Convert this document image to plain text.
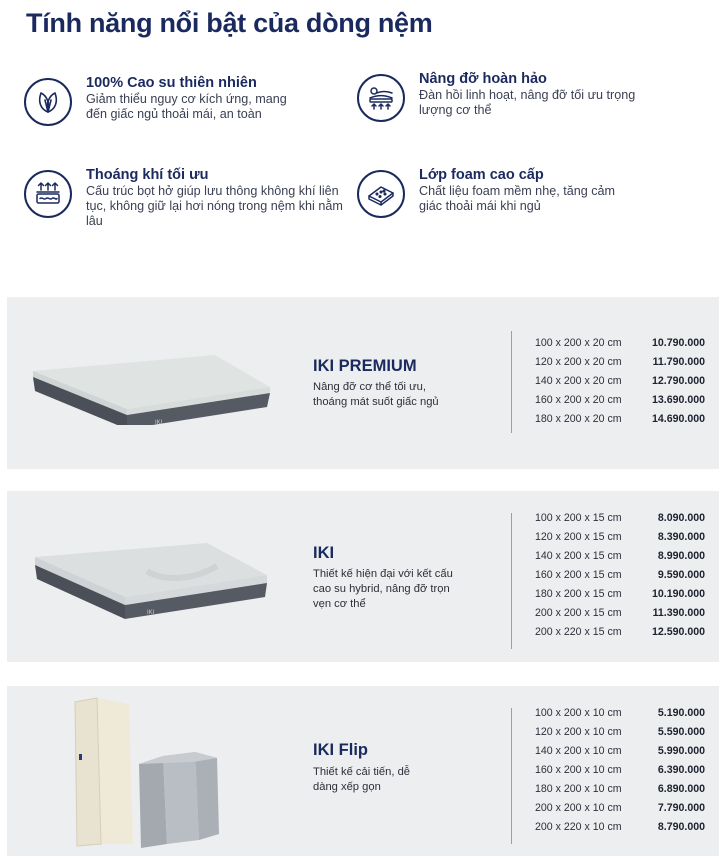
Tính năng nổi bật của dòng nệm
100% Cao su thiên nhiên
Giảm thiểu nguy cơ kích ứng, mang đến giấc ngủ thoải mái, an toàn
Nâng đỡ hoàn hảo
Đàn hồi linh hoạt, nâng đỡ tối ưu trọng lượng cơ thể
Thoáng khí tối ưu
Cấu trúc bọt hở giúp lưu thông không khí liên tục, không giữ lại hơi nóng trong nệm khi nằm lâu
Lớp foam cao cấp
Chất liệu foam mềm nhẹ, tăng cảm giác thoải mái khi ngủ
IKI
IKI PREMIUM
Nâng đỡ cơ thể tối ưu, thoáng mát suốt giấc ngủ
100 x 200 x 20 cm	10.790.000
120 x 200 x 20 cm	11.790.000
140 x 200 x 20 cm	12.790.000
160 x 200 x 20 cm	13.690.000
180 x 200 x 20 cm	14.690.000
IKI
IKI
Thiết kế hiện đại với kết cấu cao su hybrid, nâng đỡ trọn vẹn cơ thể
100 x 200 x 15 cm	8.090.000
120 x 200 x 15 cm	8.390.000
140 x 200 x 15 cm	8.990.000
160 x 200 x 15 cm	9.590.000
180 x 200 x 15 cm	10.190.000
200 x 200 x 15 cm	11.390.000
200 x 220 x 15 cm	12.590.000
IKI Flip
Thiết kế cải tiến, dễ dàng xếp gọn
100 x 200 x 10 cm	5.190.000
120 x 200 x 10 cm	5.590.000
140 x 200 x 10 cm	5.990.000
160 x 200 x 10 cm	6.390.000
180 x 200 x 10 cm	6.890.000
200 x 200 x 10 cm	7.790.000
200 x 220 x 10 cm	8.790.000
